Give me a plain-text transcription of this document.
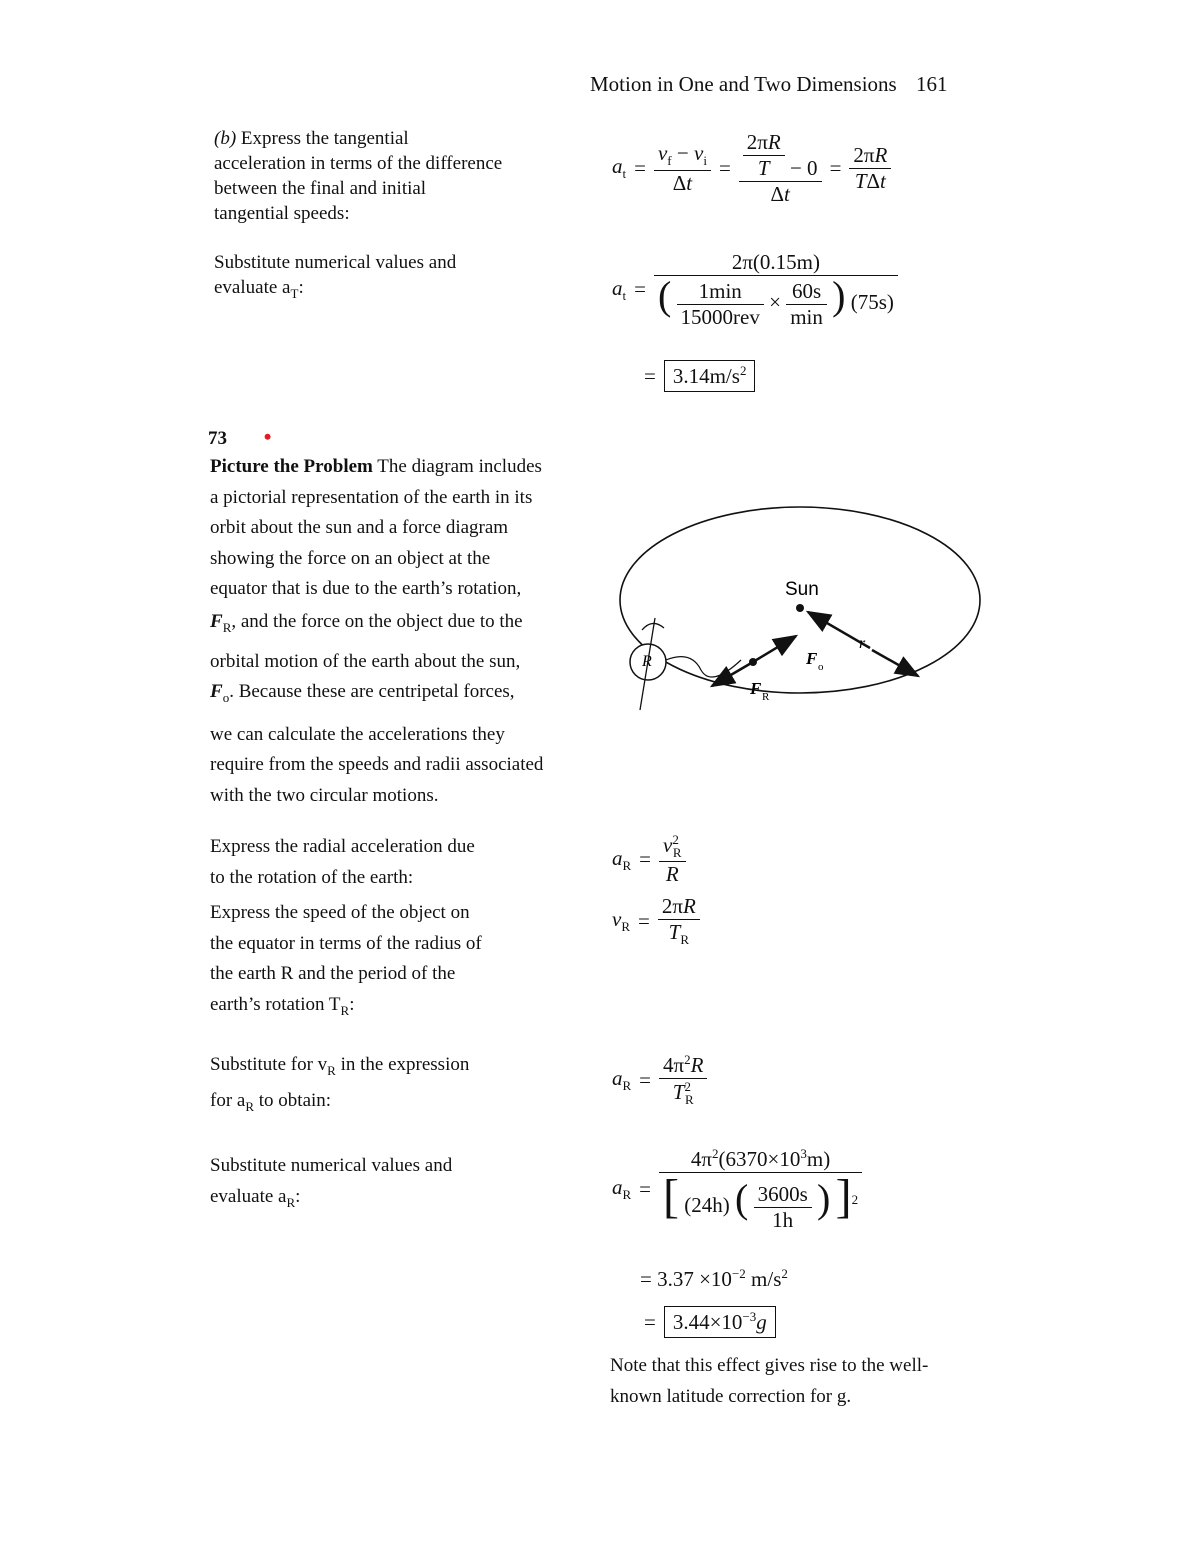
Motion in One and Two Dimensions 161
(b) Express the tangential acceleration in terms of the difference between the final and initial tangential speeds:
$a_t = \frac{v_f - v_i}{\Delta t} = \frac{\frac{2\pi R}{T} - 0}{\Delta t} = \frac{2\pi R}{\text{TΔt}}$
Substitute numerical values and
evaluate $a_T$:	$a_t$ =
2π(0.15m)
( $\frac{1\min}{\text{15000rev}} \times \frac{60s}{\min}$ ) (75s)
= $3.14m/s^2$
73 •
Picture the Problem The diagram includes
a pictorial representation of the earth in its
orbit about the sun and a force diagram
showing the force on an object at the
equator that is due to the earth’s rotation,
$F_R$, and the force on the object due to the
orbital motion of the earth about the sun,
$F_o$. Because these are centripetal forces,
we can calculate the accelerations they
require from the speeds and radii associated
with the two circular motions.
Sun
r
R	F o
F R
Express the radial acceleration due
to the rotation of the earth:
$a_R = \frac{v^2_R}{R}$
Express the speed of the object on
the equator in terms of the radius of
the earth R and the period of the
earth’s rotation $T_R$:
$v_R = \frac{2\pi R}{T_R}$
Substitute for $v_R$ in the expression
for $a_R$ to obtain:
$a_R = \frac{4\pi^2R}{T^2_R}$
Substitute numerical values and
evaluate $a_R$:	$a_R = \frac{4\pi^2(6370\times 10^3m)}{[ (24h) ( \frac{3600s}{1h} ) ]^2}$
= $3.37 \times 10^{-2}$ $m/s^2$
= $3.44\times 10^{-3}g$
Note that this effect gives rise to the well-
known latitude correction for g.
